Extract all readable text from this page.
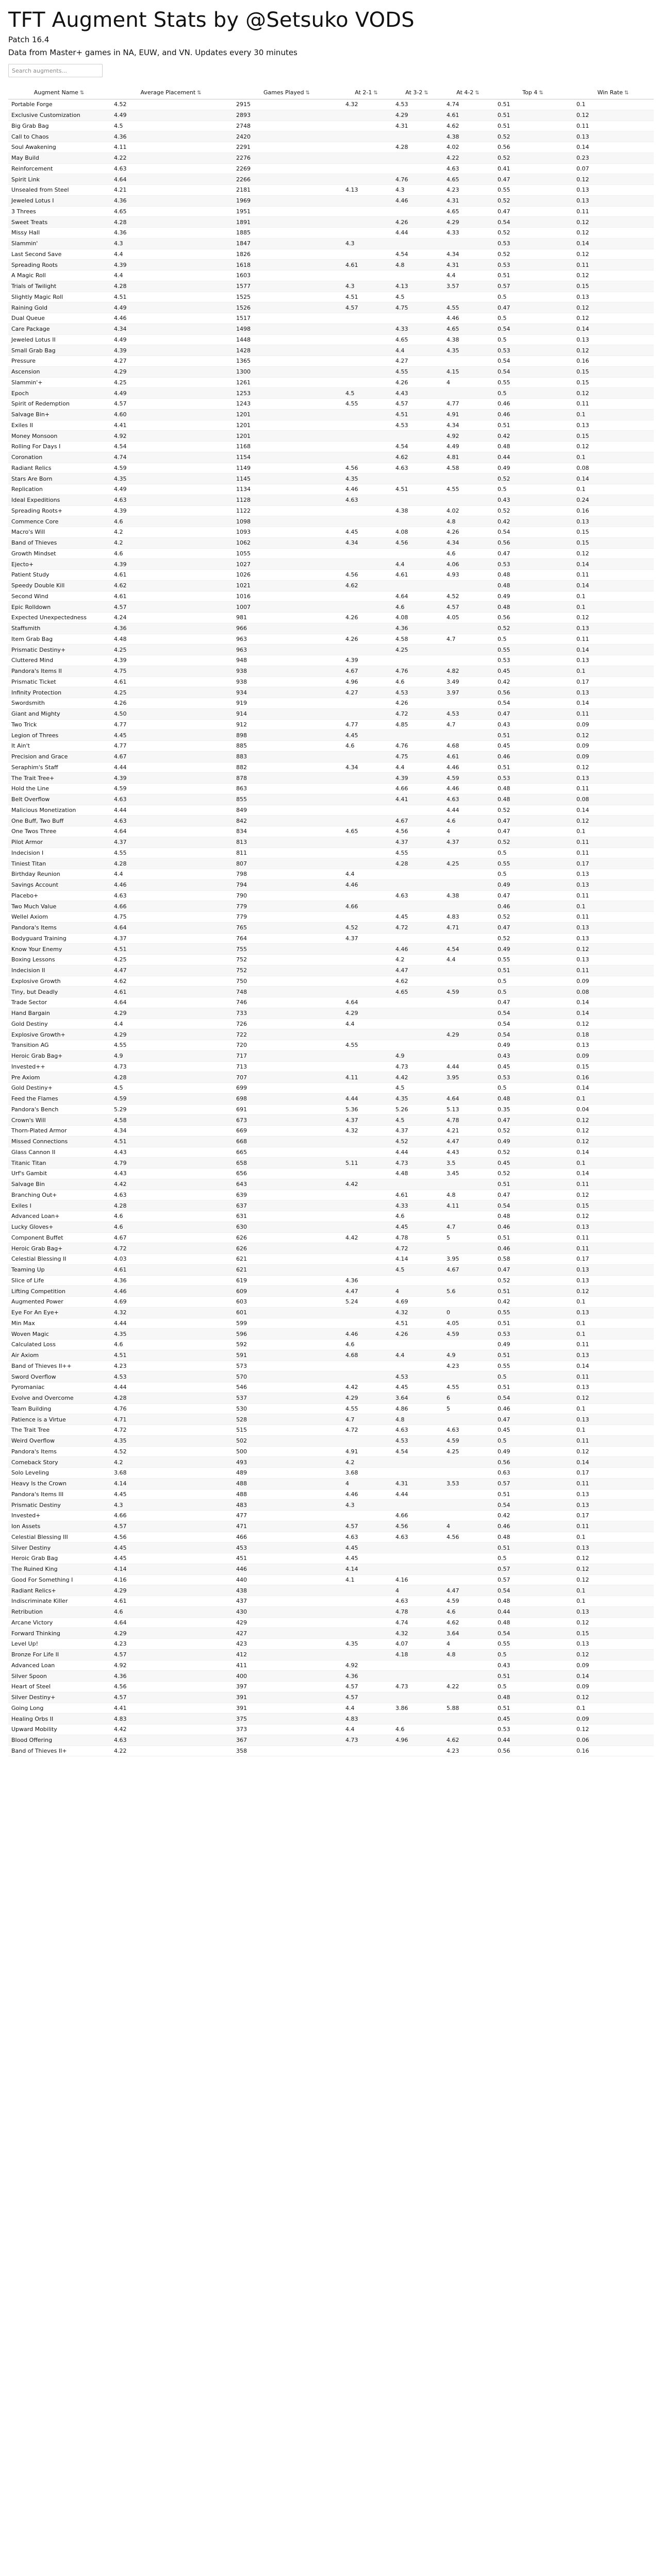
TFT Augment Stats by @Setsuko VODS
Patch 16.4
Data from Master+ games in NA, EUW, and VN. Updates every 30 minutes
Search augments...
Augment Name ⇅	Average Placement ⇅	Games Played ⇅	At 2-1 ⇅	At 3-2 ⇅	At 4-2 ⇅	Top 4 ⇅	Win Rate ⇅
Portable Forge	4.52	2915	4.32	4.53	4.74	0.51	0.1
Exclusive Customization	4.49	2893		4.29	4.61	0.51	0.12
Big Grab Bag	4.5	2748		4.31	4.62	0.51	0.11
Call to Chaos	4.36	2420			4.38	0.52	0.13
Soul Awakening	4.11	2291		4.28	4.02	0.56	0.14
May Build	4.22	2276			4.22	0.52	0.23
Reinforcement	4.63	2269			4.63	0.41	0.07
Spirit Link	4.64	2266		4.76	4.65	0.47	0.12
Unsealed from Steel	4.21	2181	4.13	4.3	4.23	0.55	0.13
Jeweled Lotus I	4.36	1969		4.46	4.31	0.52	0.13
3 Threes	4.65	1951			4.65	0.47	0.11
Sweet Treats	4.28	1891		4.26	4.29	0.54	0.12
Missy Hall	4.36	1885		4.44	4.33	0.52	0.12
Slammin'	4.3	1847	4.3			0.53	0.14
Last Second Save	4.4	1826		4.54	4.34	0.52	0.12
Spreading Roots	4.39	1618	4.61	4.8	4.31	0.53	0.11
A Magic Roll	4.4	1603			4.4	0.51	0.12
Trials of Twilight	4.28	1577	4.3	4.13	3.57	0.57	0.15
Slightly Magic Roll	4.51	1525	4.51	4.5		0.5	0.13
Raining Gold	4.49	1526	4.57	4.75	4.55	0.47	0.12
Dual Queue	4.46	1517			4.46	0.5	0.12
Care Package	4.34	1498		4.33	4.65	0.54	0.14
Jeweled Lotus II	4.49	1448		4.65	4.38	0.5	0.13
Small Grab Bag	4.39	1428		4.4	4.35	0.53	0.12
Pressure	4.27	1365		4.27		0.54	0.16
Ascension	4.29	1300		4.55	4.15	0.54	0.15
Slammin'+	4.25	1261		4.26	4	0.55	0.15
Epoch	4.49	1253	4.5	4.43		0.5	0.12
Spirit of Redemption	4.57	1243	4.55	4.57	4.77	0.46	0.11
Salvage Bin+	4.60	1201		4.51	4.91	0.46	0.1
Exiles II	4.41	1201		4.53	4.34	0.51	0.13
Money Monsoon	4.92	1201			4.92	0.42	0.15
Rolling For Days I	4.54	1168		4.54	4.49	0.48	0.12
Coronation	4.74	1154		4.62	4.81	0.44	0.1
Radiant Relics	4.59	1149	4.56	4.63	4.58	0.49	0.08
Stars Are Born	4.35	1145	4.35			0.52	0.14
Replication	4.49	1134	4.46	4.51	4.55	0.5	0.1
Ideal Expeditions	4.63	1128	4.63			0.43	0.24
Spreading Roots+	4.39	1122		4.38	4.02	0.52	0.16
Commence Core	4.6	1098			4.8	0.42	0.13
Macro's Will	4.2	1093	4.45	4.08	4.26	0.54	0.15
Band of Thieves	4.2	1062	4.34	4.56	4.34	0.56	0.15
Growth Mindset	4.6	1055			4.6	0.47	0.12
Ejecto+	4.39	1027		4.4	4.06	0.53	0.14
Patient Study	4.61	1026	4.56	4.61	4.93	0.48	0.11
Speedy Double Kill	4.62	1021	4.62			0.48	0.14
Second Wind	4.61	1016		4.64	4.52	0.49	0.1
Epic Rolldown	4.57	1007		4.6	4.57	0.48	0.1
Expected Unexpectedness	4.24	981	4.26	4.08	4.05	0.56	0.12
Staffsmith	4.36	966		4.36		0.52	0.13
Item Grab Bag	4.48	963	4.26	4.58	4.7	0.5	0.11
Prismatic Destiny+	4.25	963		4.25		0.55	0.14
Cluttered Mind	4.39	948	4.39			0.53	0.13
Pandora's Items II	4.75	938	4.67	4.76	4.82	0.45	0.1
Prismatic Ticket	4.61	938	4.96	4.6	3.49	0.42	0.17
Infinity Protection	4.25	934	4.27	4.53	3.97	0.56	0.13
Swordsmith	4.26	919		4.26		0.54	0.14
Giant and Mighty	4.50	914		4.72	4.53	0.47	0.11
Two Trick	4.77	912	4.77	4.85	4.7	0.43	0.09
Legion of Threes	4.45	898	4.45			0.51	0.12
It Ain't	4.77	885	4.6	4.76	4.68	0.45	0.09
Precision and Grace	4.67	883		4.75	4.61	0.46	0.09
Seraphim's Staff	4.44	882	4.34	4.4	4.46	0.51	0.12
The Trait Tree+	4.39	878		4.39	4.59	0.53	0.13
Hold the Line	4.59	863		4.66	4.46	0.48	0.11
Belt Overflow	4.63	855		4.41	4.63	0.48	0.08
Malicious Monetization	4.44	849			4.44	0.52	0.14
One Buff, Two Buff	4.63	842		4.67	4.6	0.47	0.12
One Twos Three	4.64	834	4.65	4.56	4	0.47	0.1
Pilot Armor	4.37	813		4.37	4.37	0.52	0.11
Indecision I	4.55	811		4.55		0.5	0.11
Tiniest Titan	4.28	807		4.28	4.25	0.55	0.17
Birthday Reunion	4.4	798	4.4			0.5	0.13
Savings Account	4.46	794	4.46			0.49	0.13
Placebo+	4.63	790		4.63	4.38	0.47	0.11
Two Much Value	4.66	779	4.66			0.46	0.1
Wellel Axiom	4.75	779		4.45	4.83	0.52	0.11
Pandora's Items	4.64	765	4.52	4.72	4.71	0.47	0.13
Bodyguard Training	4.37	764	4.37			0.52	0.13
Know Your Enemy	4.51	755		4.46	4.54	0.49	0.12
Boxing Lessons	4.25	752		4.2	4.4	0.55	0.13
Indecision II	4.47	752		4.47		0.51	0.11
Explosive Growth	4.62	750		4.62		0.5	0.09
Tiny, but Deadly	4.61	748		4.65	4.59	0.5	0.08
Trade Sector	4.64	746	4.64			0.47	0.14
Hand Bargain	4.29	733	4.29			0.54	0.14
Gold Destiny	4.4	726	4.4			0.54	0.12
Explosive Growth+	4.29	722			4.29	0.54	0.18
Transition AG	4.55	720	4.55			0.49	0.13
Heroic Grab Bag+	4.9	717		4.9		0.43	0.09
Invested++	4.73	713		4.73	4.44	0.45	0.15
Pre Axiom	4.28	707	4.11	4.42	3.95	0.53	0.16
Gold Destiny+	4.5	699		4.5		0.5	0.14
Feed the Flames	4.59	698	4.44	4.35	4.64	0.48	0.1
Pandora's Bench	5.29	691	5.36	5.26	5.13	0.35	0.04
Crown's Will	4.58	673	4.37	4.5	4.78	0.47	0.12
Thorn-Plated Armor	4.34	669	4.32	4.37	4.21	0.52	0.12
Missed Connections	4.51	668		4.52	4.47	0.49	0.12
Glass Cannon II	4.43	665		4.44	4.43	0.52	0.14
Titanic Titan	4.79	658	5.11	4.73	3.5	0.45	0.1
Urf's Gambit	4.43	656		4.48	3.45	0.52	0.14
Salvage Bin	4.42	643	4.42			0.51	0.11
Branching Out+	4.63	639		4.61	4.8	0.47	0.12
Exiles I	4.28	637		4.33	4.11	0.54	0.15
Advanced Loan+	4.6	631		4.6		0.48	0.12
Lucky Gloves+	4.6	630		4.45	4.7	0.46	0.13
Component Buffet	4.67	626	4.42	4.78	5	0.51	0.11
Heroic Grab Bag+	4.72	626		4.72		0.46	0.11
Celestial Blessing II	4.03	621		4.14	3.95	0.58	0.17
Teaming Up	4.61	621		4.5	4.67	0.47	0.13
Slice of Life	4.36	619	4.36			0.52	0.13
Lifting Competition	4.46	609	4.47	4	5.6	0.51	0.12
Augmented Power	4.69	603	5.24	4.69		0.42	0.1
Eye For An Eye+	4.32	601		4.32	0	0.55	0.13
Min Max	4.44	599		4.51	4.05	0.51	0.1
Woven Magic	4.35	596	4.46	4.26	4.59	0.53	0.1
Calculated Loss	4.6	592	4.6			0.49	0.11
Air Axiom	4.51	591	4.68	4.4	4.9	0.51	0.13
Band of Thieves II++	4.23	573			4.23	0.55	0.14
Sword Overflow	4.53	570		4.53		0.5	0.11
Pyromaniac	4.44	546	4.42	4.45	4.55	0.51	0.13
Evolve and Overcome	4.28	537	4.29	3.64	6	0.54	0.12
Team Building	4.76	530	4.55	4.86	5	0.46	0.1
Patience is a Virtue	4.71	528	4.7	4.8		0.47	0.13
The Trait Tree	4.72	515	4.72	4.63	4.63	0.45	0.1
Weird Overflow	4.35	502		4.53	4.59	0.5	0.11
Pandora's Items	4.52	500	4.91	4.54	4.25	0.49	0.12
Comeback Story	4.2	493	4.2			0.56	0.14
Solo Leveling	3.68	489	3.68			0.63	0.17
Heavy Is the Crown	4.14	488	4	4.31	3.53	0.57	0.11
Pandora's Items III	4.45	488	4.46	4.44		0.51	0.13
Prismatic Destiny	4.3	483	4.3			0.54	0.13
Invested+	4.66	477		4.66		0.42	0.17
Ion Assets	4.57	471	4.57	4.56	4	0.46	0.11
Celestial Blessing III	4.56	466	4.63	4.63	4.56	0.48	0.1
Silver Destiny	4.45	453	4.45			0.51	0.13
Heroic Grab Bag	4.45	451	4.45			0.5	0.12
The Ruined King	4.14	446	4.14			0.57	0.12
Good For Something I	4.16	440	4.1	4.16		0.57	0.12
Radiant Relics+	4.29	438		4	4.47	0.54	0.1
Indiscriminate Killer	4.61	437		4.63	4.59	0.48	0.1
Retribution	4.6	430		4.78	4.6	0.44	0.13
Arcane Victory	4.64	429		4.74	4.62	0.48	0.12
Forward Thinking	4.29	427		4.32	3.64	0.54	0.15
Level Up!	4.23	423	4.35	4.07	4	0.55	0.13
Bronze For Life II	4.57	412		4.18	4.8	0.5	0.12
Advanced Loan	4.92	411	4.92			0.43	0.09
Silver Spoon	4.36	400	4.36			0.51	0.14
Heart of Steel	4.56	397	4.57	4.73	4.22	0.5	0.09
Silver Destiny+	4.57	391	4.57			0.48	0.12
Going Long	4.41	391	4.4	3.86	5.88	0.51	0.1
Healing Orbs II	4.83	375	4.83			0.45	0.09
Upward Mobility	4.42	373	4.4	4.6		0.53	0.12
Blood Offering	4.63	367	4.73	4.96	4.62	0.44	0.06
Band of Thieves II+	4.22	358			4.23	0.56	0.16
